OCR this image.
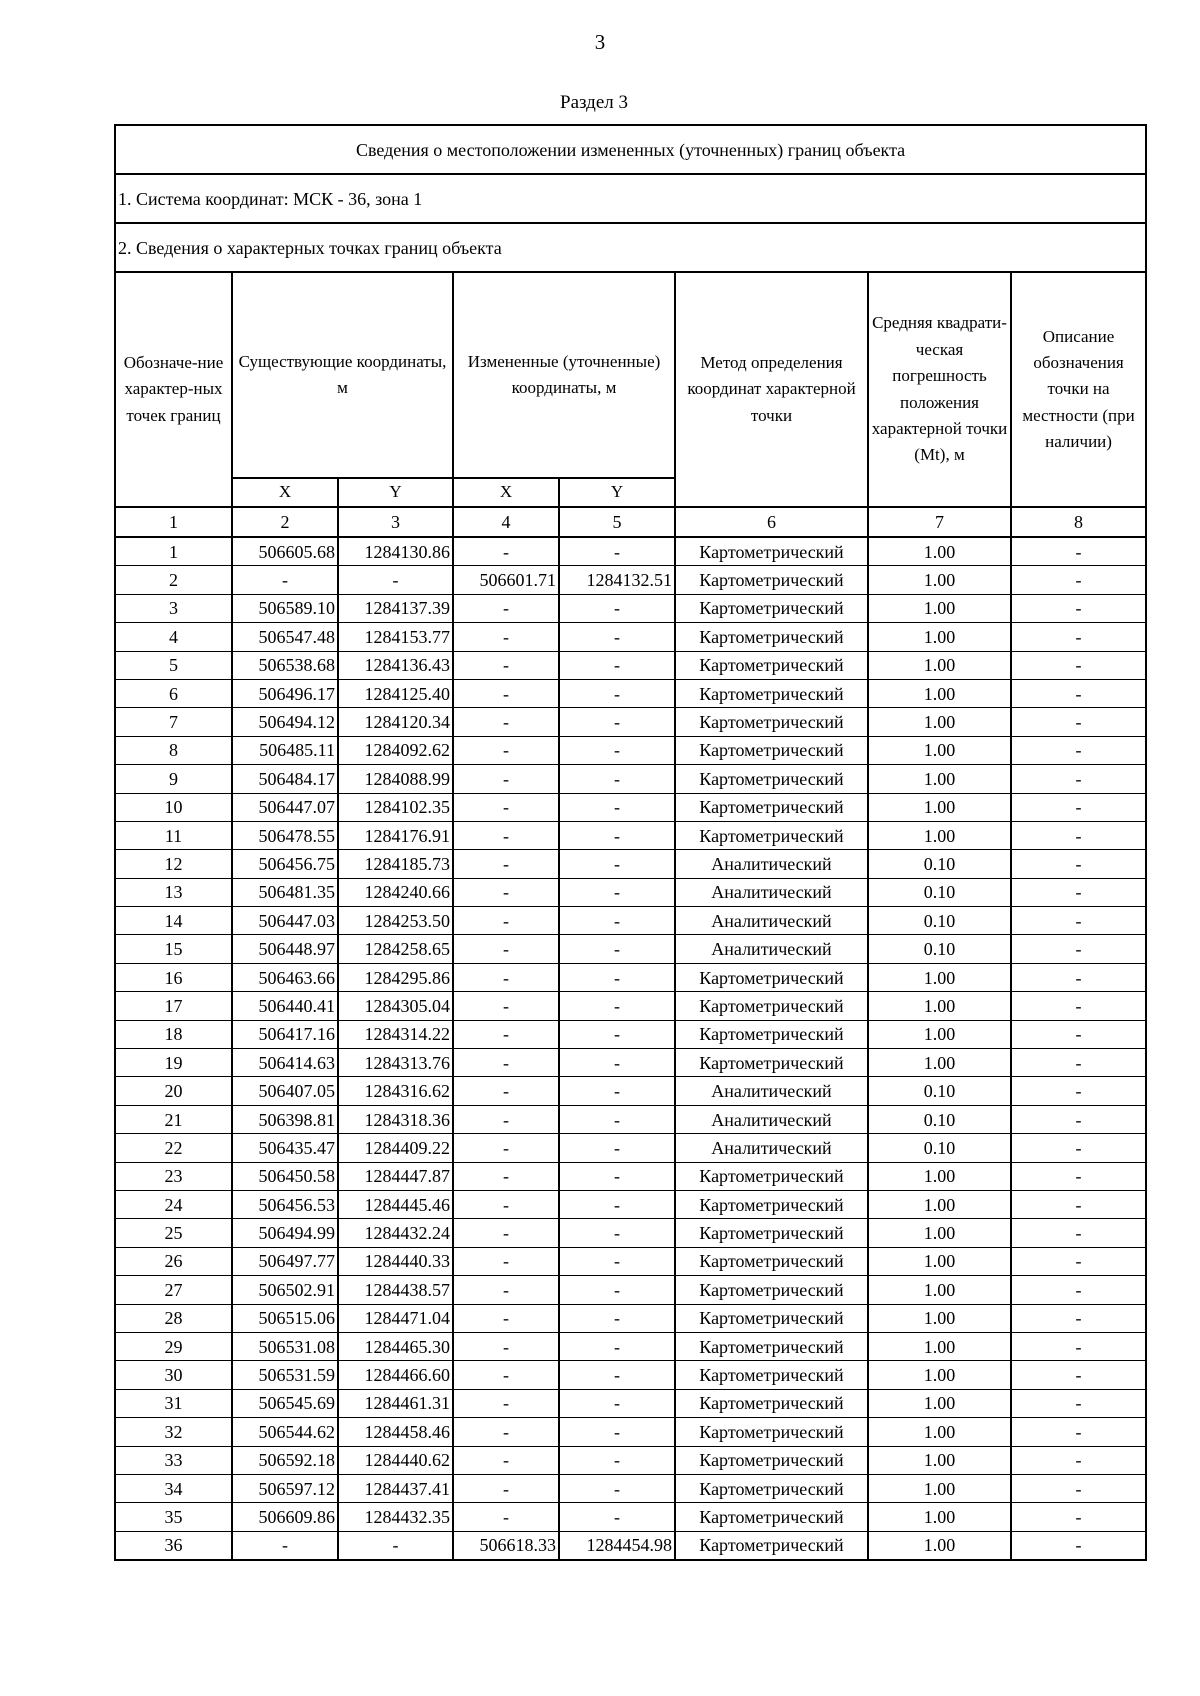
3
Раздел 3
Сведения о местоположении измененных (уточненных) границ объекта							
1. Система координат: МСК - 36, зона 1							
2. Сведения о характерных точках границ объекта							
Обозначе-ние характер-ных точек границ	Существующие координаты, м		Измененные (уточненные) координаты, м		Метод определения координат характерной точки	Средняя квадрати-ческая погрешность положения характерной точки (Mt), м	Описание обозначения точки на местности (при наличии)
	X	Y	X	Y			
1	2	3	4	5	6	7	8
1	506605.68	1284130.86	-	-	Картометрический	1.00	-
2	-	-	506601.71	1284132.51	Картометрический	1.00	-
3	506589.10	1284137.39	-	-	Картометрический	1.00	-
4	506547.48	1284153.77	-	-	Картометрический	1.00	-
5	506538.68	1284136.43	-	-	Картометрический	1.00	-
6	506496.17	1284125.40	-	-	Картометрический	1.00	-
7	506494.12	1284120.34	-	-	Картометрический	1.00	-
8	506485.11	1284092.62	-	-	Картометрический	1.00	-
9	506484.17	1284088.99	-	-	Картометрический	1.00	-
10	506447.07	1284102.35	-	-	Картометрический	1.00	-
11	506478.55	1284176.91	-	-	Картометрический	1.00	-
12	506456.75	1284185.73	-	-	Аналитический	0.10	-
13	506481.35	1284240.66	-	-	Аналитический	0.10	-
14	506447.03	1284253.50	-	-	Аналитический	0.10	-
15	506448.97	1284258.65	-	-	Аналитический	0.10	-
16	506463.66	1284295.86	-	-	Картометрический	1.00	-
17	506440.41	1284305.04	-	-	Картометрический	1.00	-
18	506417.16	1284314.22	-	-	Картометрический	1.00	-
19	506414.63	1284313.76	-	-	Картометрический	1.00	-
20	506407.05	1284316.62	-	-	Аналитический	0.10	-
21	506398.81	1284318.36	-	-	Аналитический	0.10	-
22	506435.47	1284409.22	-	-	Аналитический	0.10	-
23	506450.58	1284447.87	-	-	Картометрический	1.00	-
24	506456.53	1284445.46	-	-	Картометрический	1.00	-
25	506494.99	1284432.24	-	-	Картометрический	1.00	-
26	506497.77	1284440.33	-	-	Картометрический	1.00	-
27	506502.91	1284438.57	-	-	Картометрический	1.00	-
28	506515.06	1284471.04	-	-	Картометрический	1.00	-
29	506531.08	1284465.30	-	-	Картометрический	1.00	-
30	506531.59	1284466.60	-	-	Картометрический	1.00	-
31	506545.69	1284461.31	-	-	Картометрический	1.00	-
32	506544.62	1284458.46	-	-	Картометрический	1.00	-
33	506592.18	1284440.62	-	-	Картометрический	1.00	-
34	506597.12	1284437.41	-	-	Картометрический	1.00	-
35	506609.86	1284432.35	-	-	Картометрический	1.00	-
36	-	-	506618.33	1284454.98	Картометрический	1.00	-
